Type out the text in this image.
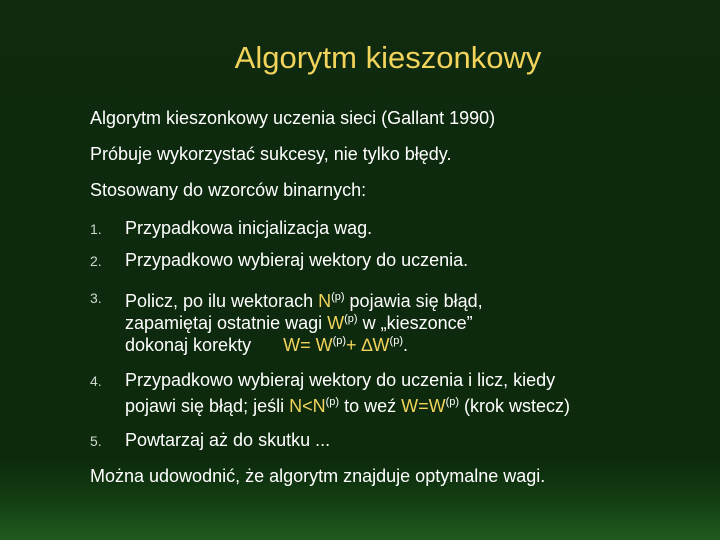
Algorytm kieszonkowy
Algorytm kieszonkowy uczenia sieci (Gallant 1990)
Próbuje wykorzystać sukcesy, nie tylko błędy.
Stosowany do wzorców binarnych:
1. Przypadkowa inicjalizacja wag.
2. Przypadkowo wybieraj wektory do uczenia.
3. Policz, po ilu wektorach $N^{(p)}$ pojawia się błąd,
zapamiętaj ostatnie wagi $W^{(p)}$ w „kieszonce”
dokonaj korekty $W= W^{(p)}+ \Delta W^{(p)}$.
4. Przypadkowo wybieraj wektory do uczenia i licz, kiedy
pojawi się błąd; jeśli $N<N^{(p)}$ to weź $W=W^{(p)}$ (krok wstecz)
5. Powtarzaj aż do skutku ...
Można udowodnić, że algorytm znajduje optymalne wagi.
